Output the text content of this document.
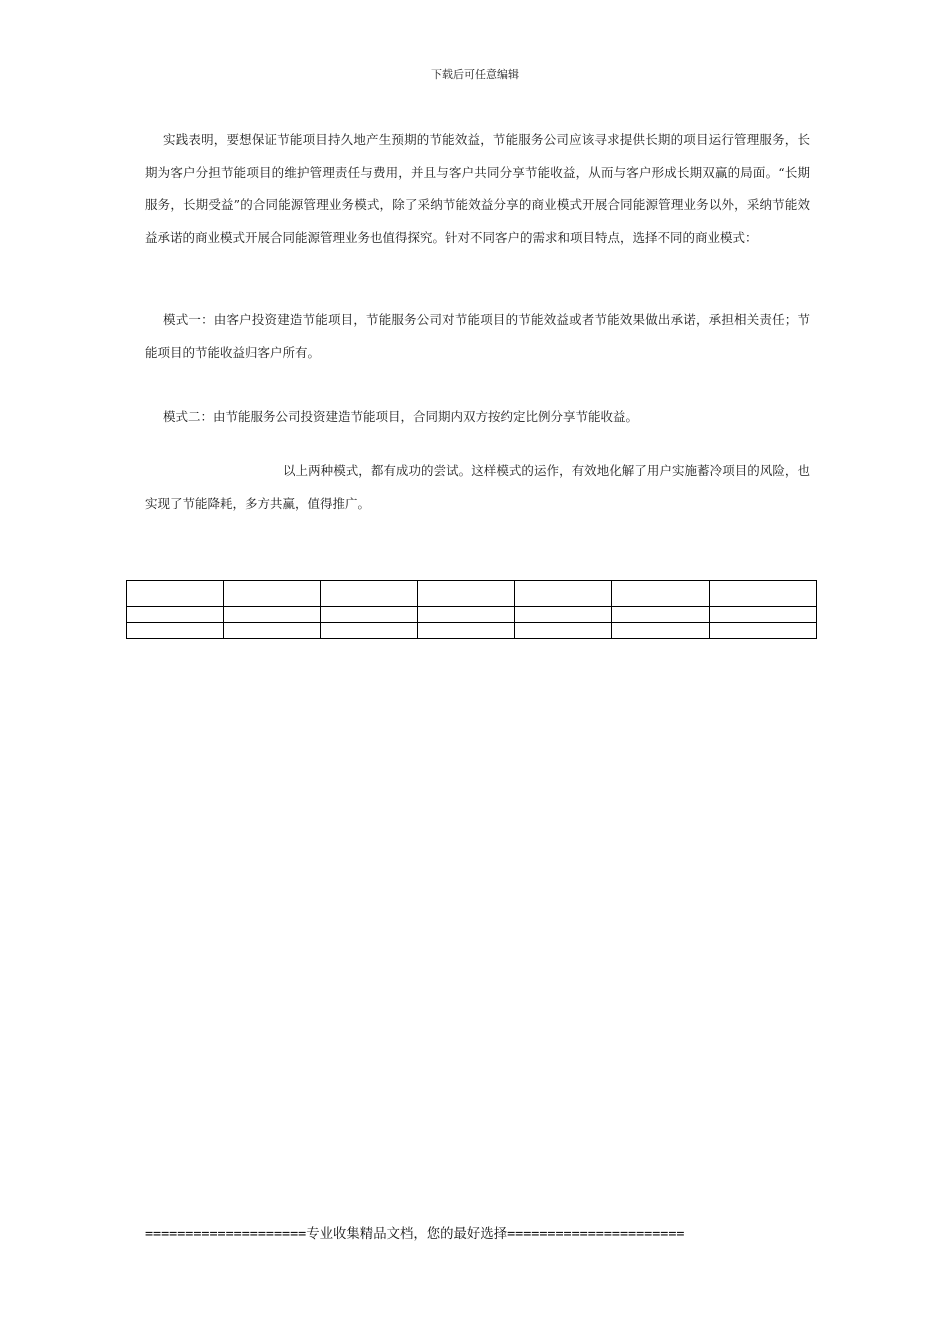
下载后可任意编辑

实践表明，要想保证节能项目持久地产生预期的节能效益，节能服务公司应该寻求提供长期的项目运行管理服务，长期为客户分担节能项目的维护管理责任与费用，并且与客户共同分享节能收益，从而与客户形成长期双赢的局面。“长期服务，长期受益”的合同能源管理业务模式，除了采纳节能效益分享的商业模式开展合同能源管理业务以外，采纳节能效益承诺的商业模式开展合同能源管理业务也值得探究。针对不同客户的需求和项目特点，选择不同的商业模式：

模式一：由客户投资建造节能项目，节能服务公司对节能项目的节能效益或者节能效果做出承诺，承担相关责任；节能项目的节能收益归客户所有。

模式二：由节能服务公司投资建造节能项目，合同期内双方按约定比例分享节能收益。

以上两种模式，都有成功的尝试。这样模式的运作，有效地化解了用户实施蓄冷项目的风险，也实现了节能降耗，多方共赢，值得推广。

====================专业收集精品文档，您的最好选择======================
